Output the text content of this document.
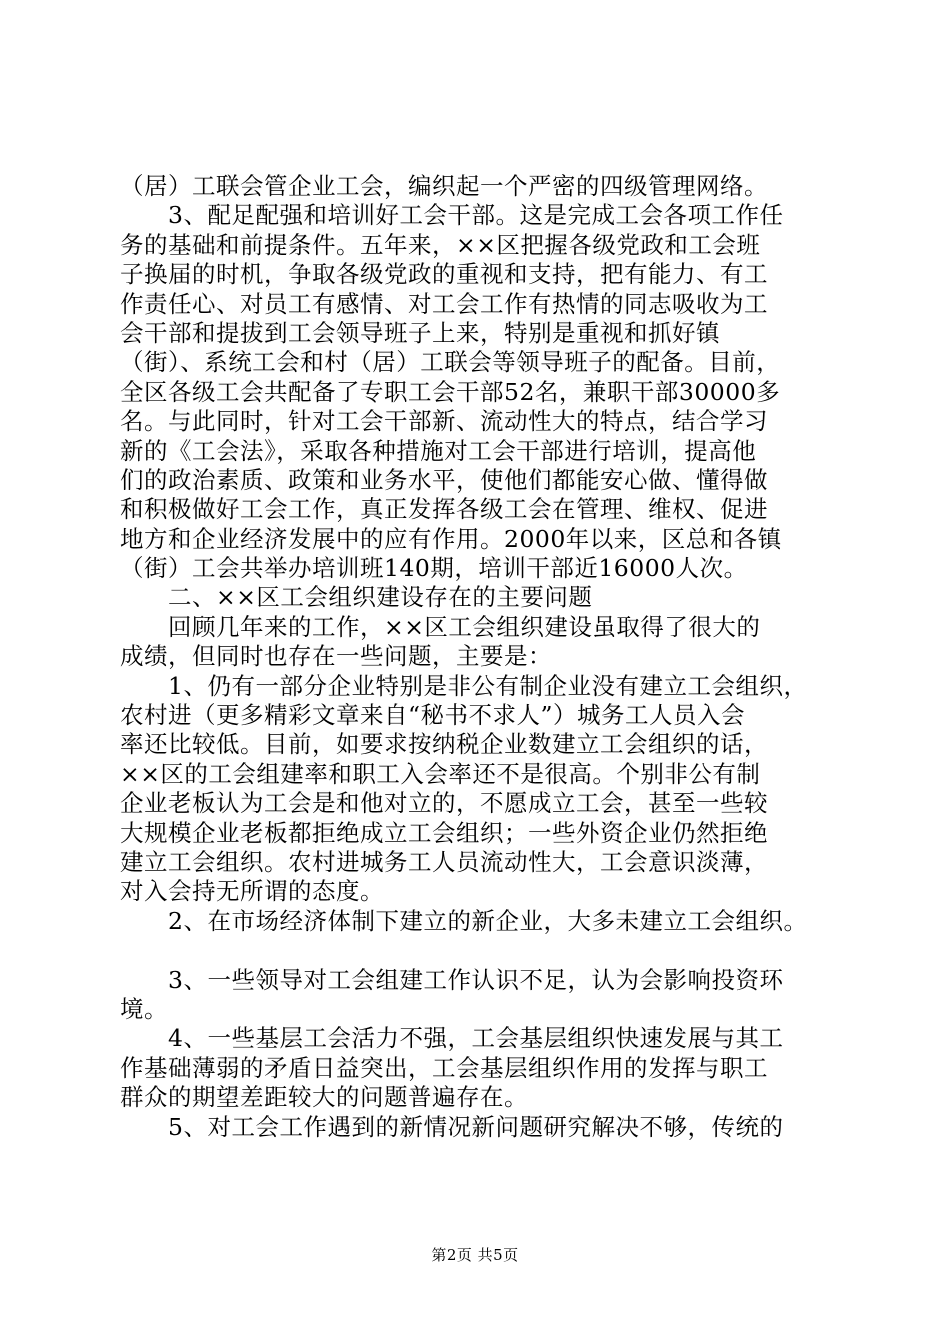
（居）工联会管企业工会，编织起一个严密的四级管理网络。
　　3、配足配强和培训好工会干部。这是完成工会各项工作任
务的基础和前提条件。五年来，××区把握各级党政和工会班
子换届的时机，争取各级党政的重视和支持，把有能力、有工
作责任心、对员工有感情、对工会工作有热情的同志吸收为工
会干部和提拔到工会领导班子上来，特别是重视和抓好镇
（街）、系统工会和村（居）工联会等领导班子的配备。目前，
全区各级工会共配备了专职工会干部52名，兼职干部30000多
名。与此同时，针对工会干部新、流动性大的特点，结合学习
新的《工会法》，采取各种措施对工会干部进行培训，提高他
们的政治素质、政策和业务水平，使他们都能安心做、懂得做
和积极做好工会工作，真正发挥各级工会在管理、维权、促进
地方和企业经济发展中的应有作用。2000年以来，区总和各镇
（街）工会共举办培训班140期，培训干部近16000人次。
　　二、××区工会组织建设存在的主要问题
　　回顾几年来的工作，××区工会组织建设虽取得了很大的
成绩，但同时也存在一些问题，主要是：
　　1、仍有一部分企业特别是非公有制企业没有建立工会组织，
农村进（更多精彩文章来自“秘书不求人”）城务工人员入会
率还比较低。目前，如要求按纳税企业数建立工会组织的话，
××区的工会组建率和职工入会率还不是很高。个别非公有制
企业老板认为工会是和他对立的，不愿成立工会，甚至一些较
大规模企业老板都拒绝成立工会组织；一些外资企业仍然拒绝
建立工会组织。农村进城务工人员流动性大，工会意识淡薄，
对入会持无所谓的态度。
　　2、在市场经济体制下建立的新企业，大多未建立工会组织。
　　3、一些领导对工会组建工作认识不足，认为会影响投资环
境。
　　4、一些基层工会活力不强，工会基层组织快速发展与其工
作基础薄弱的矛盾日益突出，工会基层组织作用的发挥与职工
群众的期望差距较大的问题普遍存在。
　　5、对工会工作遇到的新情况新问题研究解决不够，传统的
第2页 共5页
